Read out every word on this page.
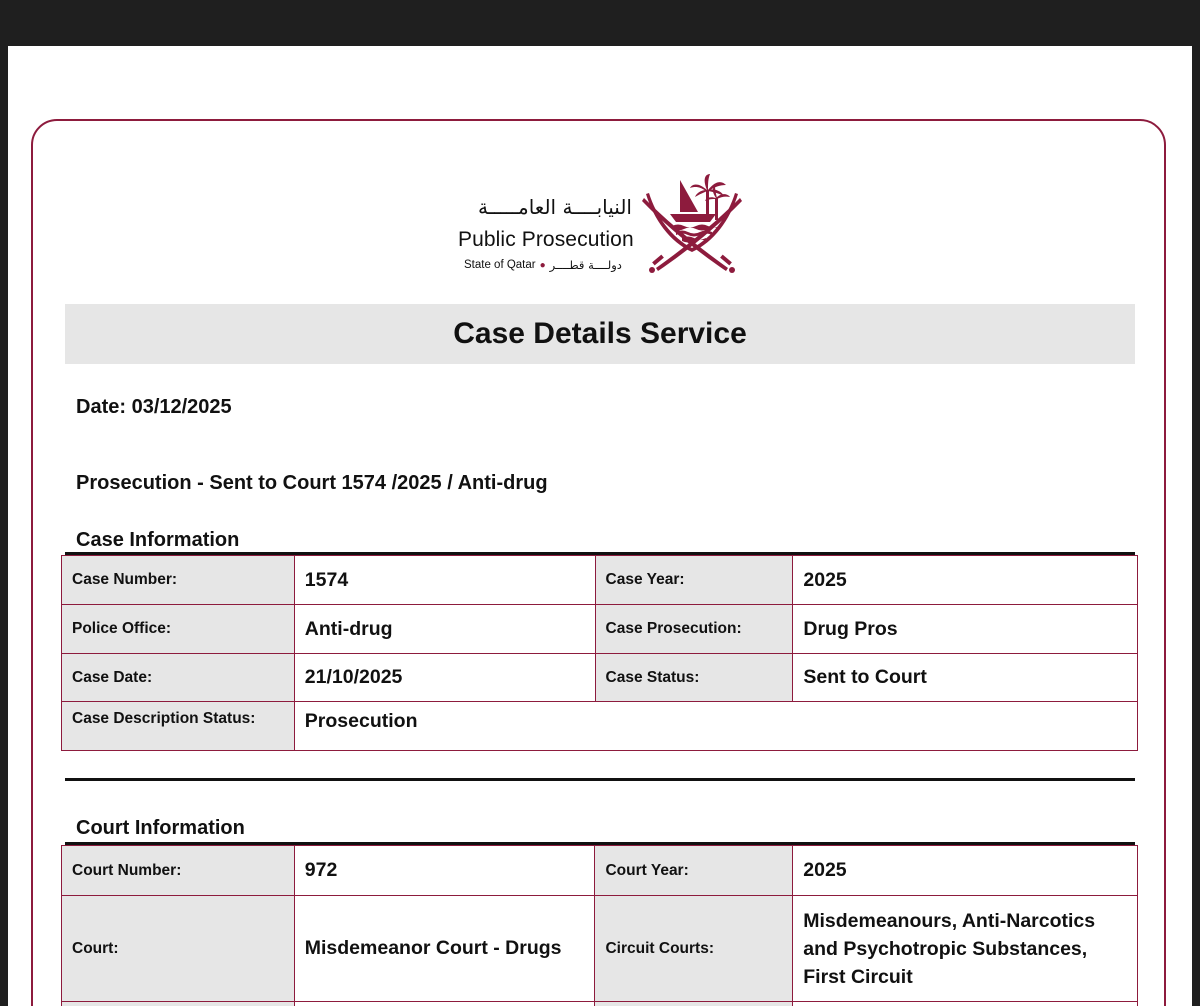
النيابــــة العامـــــة
Public Prosecution
State of Qatar ● دولــــة قطــــر
Case Details Service
Date: 03/12/2025
Prosecution - Sent to Court 1574 /2025 / Anti-drug
Case Information
Case Number:	1574	Case Year:	2025
Police Office:	Anti-drug	Case Prosecution:	Drug Pros
Case Date:	21/10/2025	Case Status:	Sent to Court
Case Description Status:	Prosecution		
Court Information
Court Number:	972	Court Year:	2025
Court:	Misdemeanor Court - Drugs	Circuit Courts:	Misdemeanours, Anti-Narcotics and Psychotropic Substances, First Circuit
